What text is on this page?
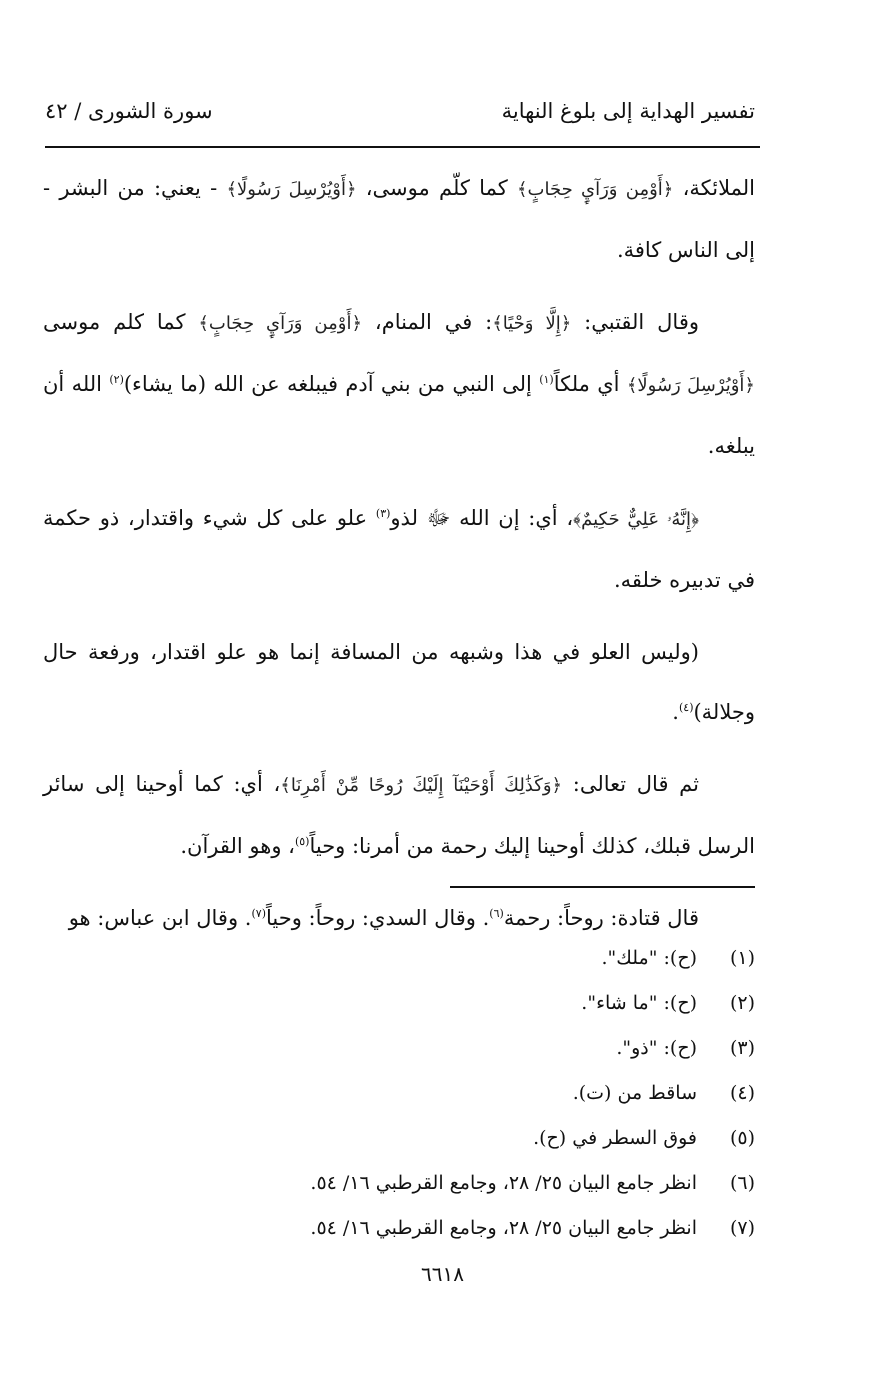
تفسير الهداية إلى بلوغ النهاية
سورة الشورى / ٤٢

الملائكة، ﴿أَوْمِن وَرَآيِٕ حِجَابٍ﴾ كما كلّم موسى، ﴿أَوْيُرْسِلَ رَسُولًا﴾ - يعني: من البشر - إلى الناس كافة.

وقال القتبي: ﴿إِلَّا وَحْيًا﴾: في المنام، ﴿أَوْمِن وَرَآيِٕ حِجَابٍ﴾ كما كلم موسى ﴿أَوْيُرْسِلَ رَسُولًا﴾ أي ملكاً$^{(١)}$ إلى النبي من بني آدم فيبلغه عن الله (ما يشاء)$^{(٢)}$ الله أن يبلغه.

﴿إِنَّهُۥ عَلِيٌّ حَكِيمٌ﴾، أي: إن الله ﷻ لذو$^{(٣)}$ علو على كل شيء واقتدار، ذو حكمة في تدبيره خلقه.

(وليس العلو في هذا وشبهه من المسافة إنما هو علو اقتدار، ورفعة حال وجلالة)$^{(٤)}$.

ثم قال تعالى: ﴿وَكَذَٰلِكَ أَوْحَيْنَآ إِلَيْكَ رُوحًا مِّنْ أَمْرِنَا﴾، أي: كما أوحينا إلى سائر الرسل قبلك، كذلك أوحينا إليك رحمة من أمرنا: وحياً$^{(٥)}$، وهو القرآن.

قال قتادة: روحاً: رحمة$^{(٦)}$. وقال السدي: روحاً: وحياً$^{(٧)}$. وقال ابن عباس: هو

(١)
(ح): "ملك".
(٢)
(ح): "ما شاء".
(٣)
(ح): "ذو".
(٤)
ساقط من (ت).
(٥)
فوق السطر في (ح).
(٦)
انظر جامع البيان ٢٥/ ٢٨، وجامع القرطبي ١٦/ ٥٤.
(٧)
انظر جامع البيان ٢٥/ ٢٨، وجامع القرطبي ١٦/ ٥٤.
٦٦١٨
